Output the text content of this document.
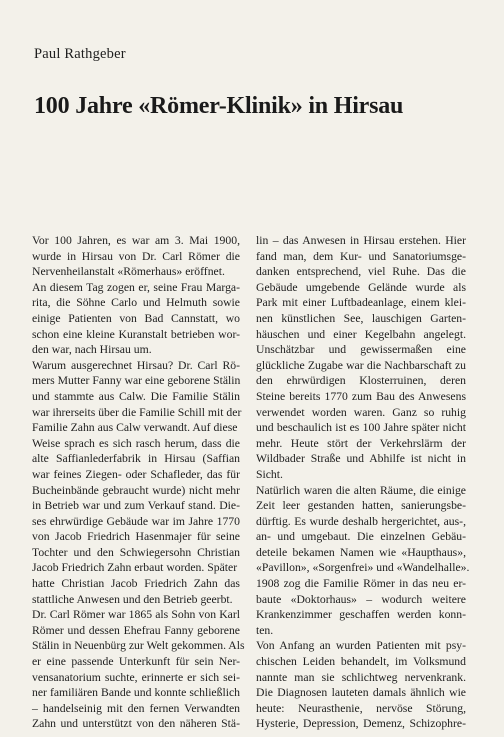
Paul Rathgeber
100 Jahre «Römer-Klinik» in Hirsau
Vor 100 Jahren, es war am 3. Mai 1900,
wurde in Hirsau von Dr. Carl Römer die
Nervenheilanstalt «Römerhaus» eröffnet.
An diesem Tag zogen er, seine Frau Marga-
rita, die Söhne Carlo und Helmuth sowie
einige Patienten von Bad Cannstatt, wo
schon eine kleine Kuranstalt betrieben wor-
den war, nach Hirsau um.
Warum ausgerechnet Hirsau? Dr. Carl Rö-
mers Mutter Fanny war eine geborene Stälin
und stammte aus Calw. Die Familie Stälin
war ihrerseits über die Familie Schill mit der
Familie Zahn aus Calw verwandt. Auf diese
Weise sprach es sich rasch herum, dass die
alte Saffianlederfabrik in Hirsau (Saffian
war feines Ziegen- oder Schafleder, das für
Bucheinbände gebraucht wurde) nicht mehr
in Betrieb war und zum Verkauf stand. Die-
ses ehrwürdige Gebäude war im Jahre 1770
von Jacob Friedrich Hasenmajer für seine
Tochter und den Schwiegersohn Christian
Jacob Friedrich Zahn erbaut worden. Später
hatte Christian Jacob Friedrich Zahn das
stattliche Anwesen und den Betrieb geerbt.
Dr. Carl Römer war 1865 als Sohn von Karl
Römer und dessen Ehefrau Fanny geborene
Stälin in Neuenbürg zur Welt gekommen. Als
er eine passende Unterkunft für sein Ner-
vensanatorium suchte, erinnerte er sich sei-
ner familiären Bande und konnte schließlich
– handelseinig mit den fernen Verwandten
Zahn und unterstützt von den näheren Stä-
lin – das Anwesen in Hirsau erstehen. Hier
fand man, dem Kur- und Sanatoriumsge-
danken entsprechend, viel Ruhe. Das die
Gebäude umgebende Gelände wurde als
Park mit einer Luftbadeanlage, einem klei-
nen künstlichen See, lauschigen Garten-
häuschen und einer Kegelbahn angelegt.
Unschätzbar und gewissermaßen eine
glückliche Zugabe war die Nachbarschaft zu
den ehrwürdigen Klosterruinen, deren
Steine bereits 1770 zum Bau des Anwesens
verwendet worden waren. Ganz so ruhig
und beschaulich ist es 100 Jahre später nicht
mehr. Heute stört der Verkehrslärm der
Wildbader Straße und Abhilfe ist nicht in
Sicht.
Natürlich waren die alten Räume, die einige
Zeit leer gestanden hatten, sanierungsbe-
dürftig. Es wurde deshalb hergerichtet, aus-,
an- und umgebaut. Die einzelnen Gebäu-
deteile bekamen Namen wie «Haupthaus»,
«Pavillon», «Sorgenfrei» und «Wandelhalle».
1908 zog die Familie Römer in das neu er-
baute «Doktorhaus» – wodurch weitere
Krankenzimmer geschaffen werden konn-
ten.
Von Anfang an wurden Patienten mit psy-
chischen Leiden behandelt, im Volksmund
nannte man sie schlichtweg nervenkrank.
Die Diagnosen lauteten damals ähnlich wie
heute: Neurasthenie, nervöse Störung,
Hysterie, Depression, Demenz, Schizophre-
